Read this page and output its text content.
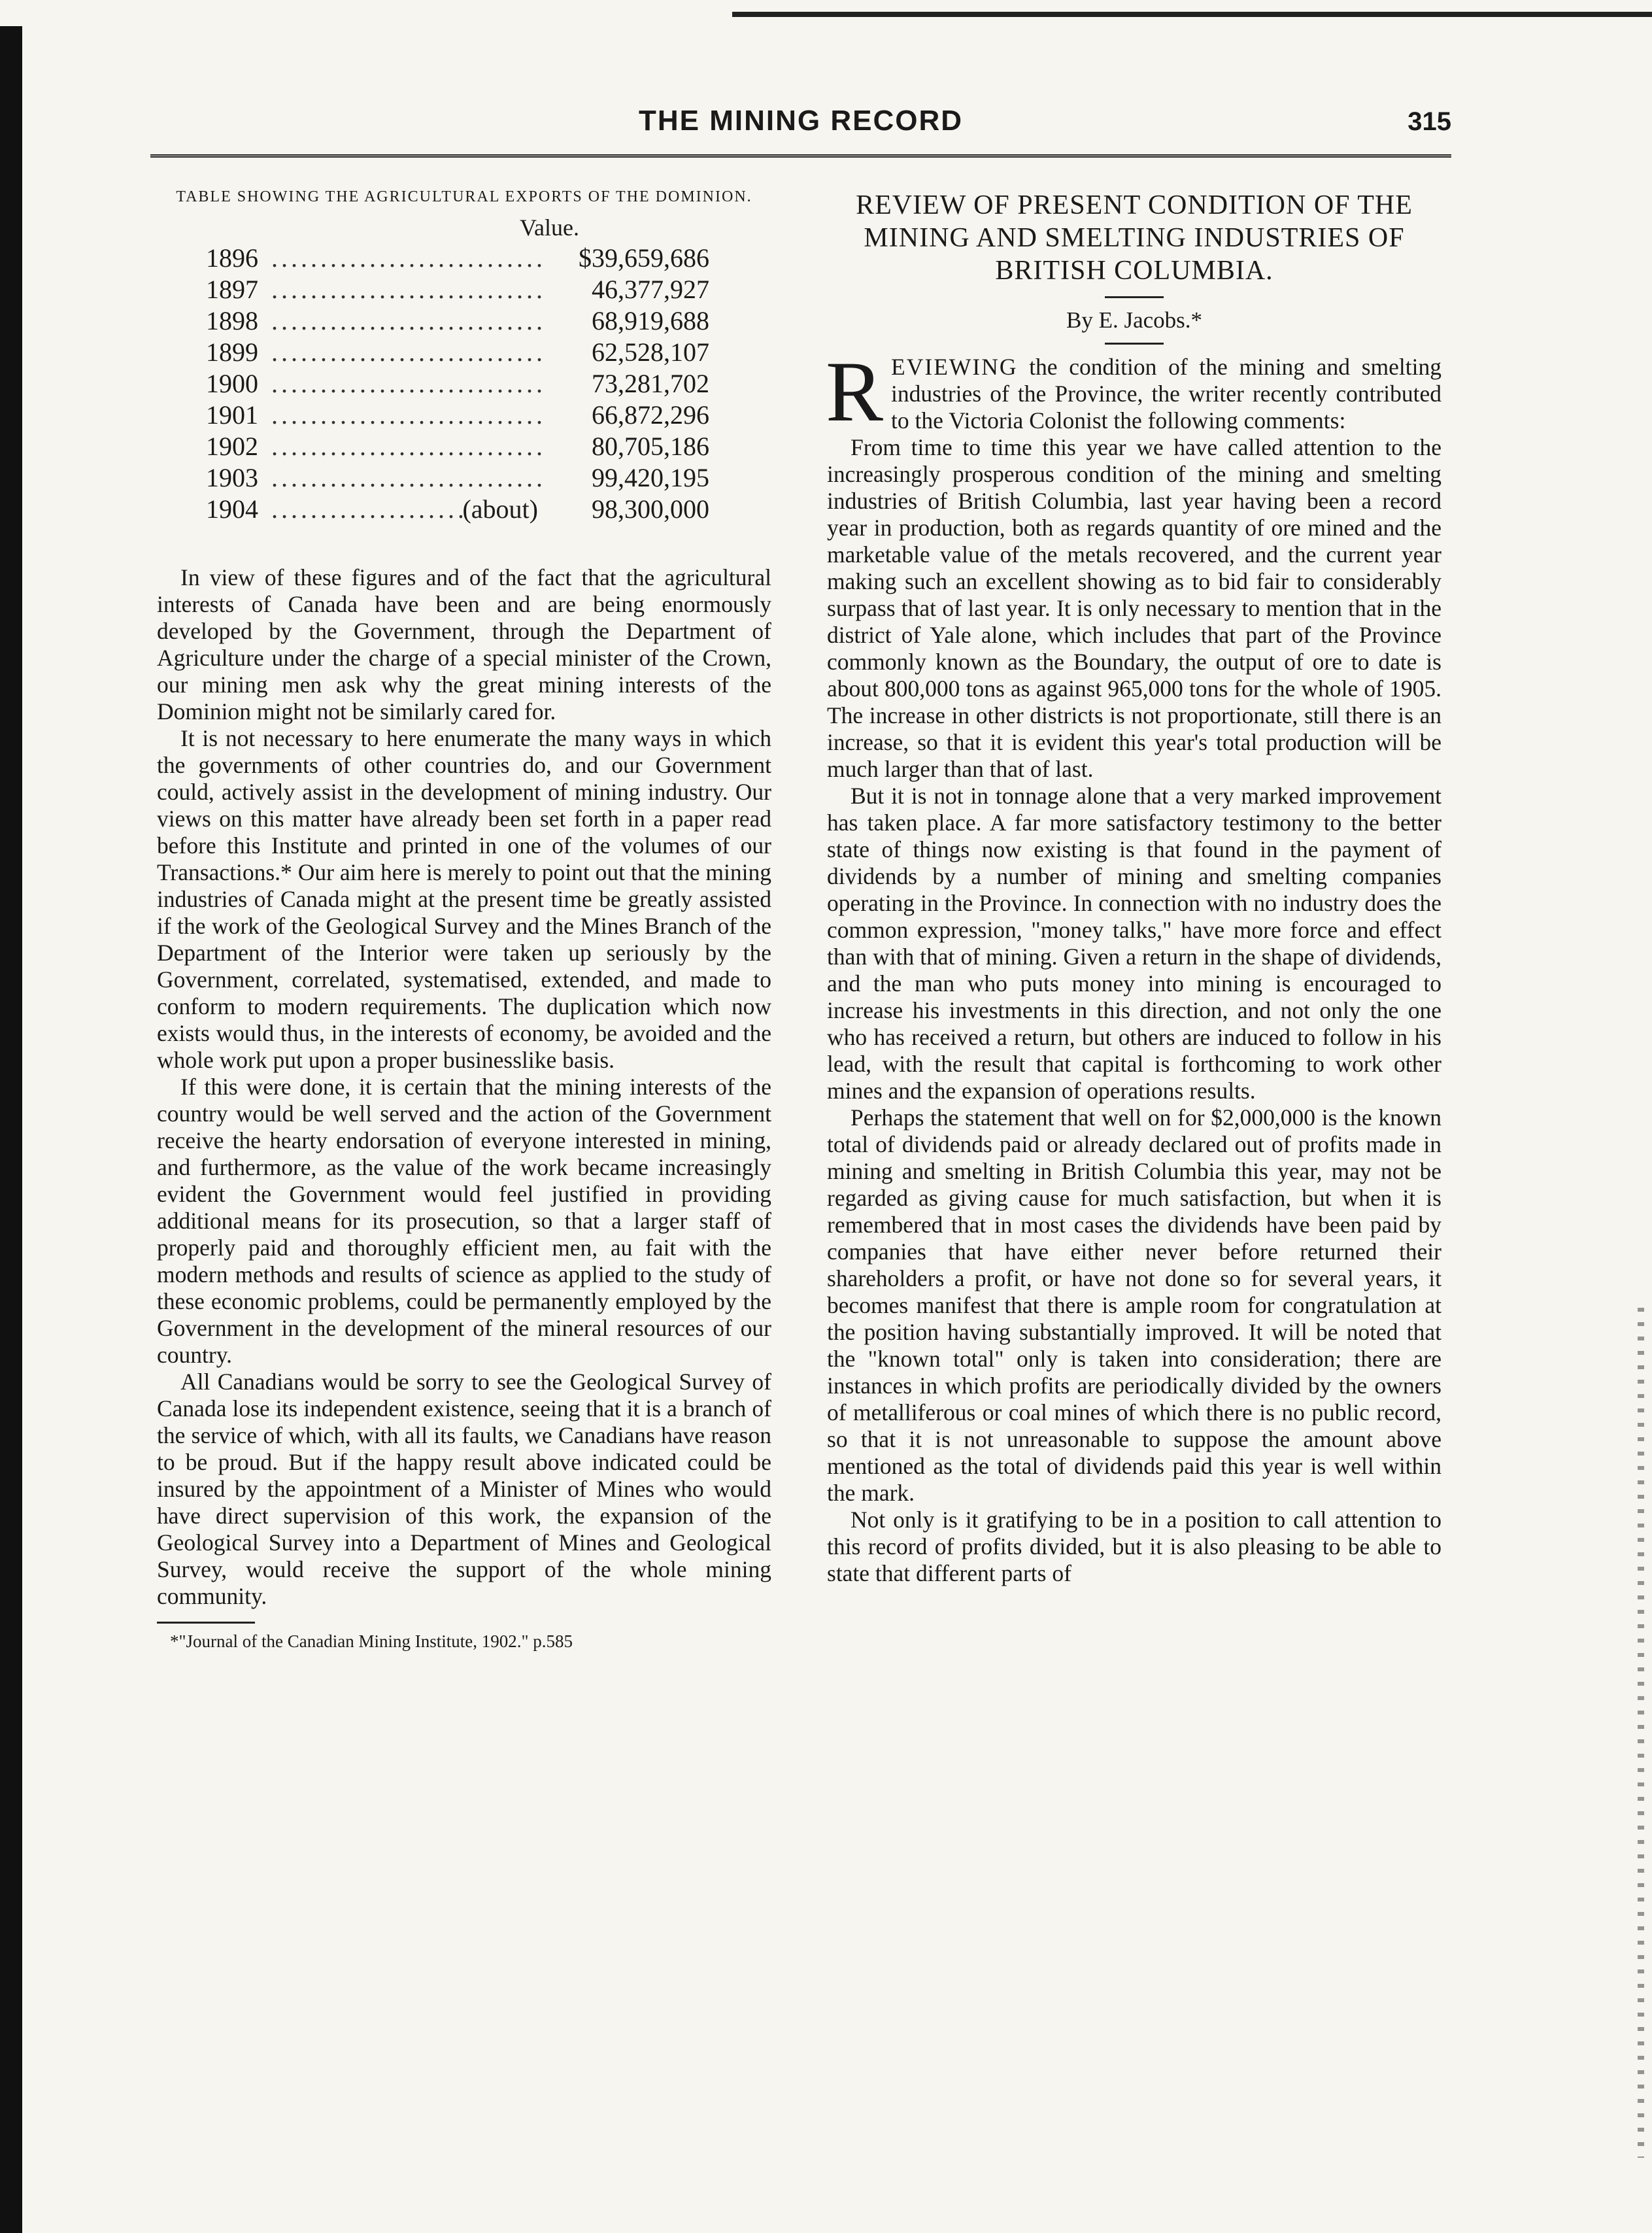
THE MINING RECORD	315
TABLE SHOWING THE AGRICULTURAL EXPORTS OF THE DOMINION.
Value.
1896 .....	$39,659,686
1897 .....	46,377,927
1898 .....	68,919,688
1899 .....	62,528,107
1900 .....	73,281,702
1901 .....	66,872,296
1902 .....	80,705,186
1903 .....	99,420,195
1904 .....	(about)	98,300,000

In view of these figures and of the fact that the agricultural interests of Canada have been and are being enormously developed by the Government, through the Department of Agriculture under the charge of a special minister of the Crown, our mining men ask why the great mining interests of the Dominion might not be similarly cared for.

It is not necessary to here enumerate the many ways in which the governments of other countries do, and our Government could, actively assist in the development of mining industry. Our views on this matter have already been set forth in a paper read before this Institute and printed in one of the volumes of our Transactions.* Our aim here is merely to point out that the mining industries of Canada might at the present time be greatly assisted if the work of the Geological Survey and the Mines Branch of the Department of the Interior were taken up seriously by the Government, correlated, systematised, extended, and made to conform to modern requirements. The duplication which now exists would thus, in the interests of economy, be avoided and the whole work put upon a proper businesslike basis.

If this were done, it is certain that the mining interests of the country would be well served and the action of the Government receive the hearty endorsation of everyone interested in mining, and furthermore, as the value of the work became increasingly evident the Government would feel justified in providing additional means for its prosecution, so that a larger staff of properly paid and thoroughly efficient men, au fait with the modern methods and results of science as applied to the study of these economic problems, could be permanently employed by the Government in the development of the mineral resources of our country.

All Canadians would be sorry to see the Geological Survey of Canada lose its independent existence, seeing that it is a branch of the service of which, with all its faults, we Canadians have reason to be proud. But if the happy result above indicated could be insured by the appointment of a Minister of Mines who would have direct supervision of this work, the expansion of the Geological Survey into a Department of Mines and Geological Survey, would receive the support of the whole mining community.

*"Journal of the Canadian Mining Institute, 1902." p.585

REVIEW OF PRESENT CONDITION OF THE MINING AND SMELTING INDUSTRIES OF BRITISH COLUMBIA.
By E. Jacobs.*

REVIEWING the condition of the mining and smelting industries of the Province, the writer recently contributed to the Victoria Colonist the following comments:

From time to time this year we have called attention to the increasingly prosperous condition of the mining and smelting industries of British Columbia, last year having been a record year in production, both as regards quantity of ore mined and the marketable value of the metals recovered, and the current year making such an excellent showing as to bid fair to considerably surpass that of last year. It is only necessary to mention that in the district of Yale alone, which includes that part of the Province commonly known as the Boundary, the output of ore to date is about 800,000 tons as against 965,000 tons for the whole of 1905. The increase in other districts is not proportionate, still there is an increase, so that it is evident this year's total production will be much larger than that of last.

But it is not in tonnage alone that a very marked improvement has taken place. A far more satisfactory testimony to the better state of things now existing is that found in the payment of dividends by a number of mining and smelting companies operating in the Province. In connection with no industry does the common expression, "money talks," have more force and effect than with that of mining. Given a return in the shape of dividends, and the man who puts money into mining is encouraged to increase his investments in this direction, and not only the one who has received a return, but others are induced to follow in his lead, with the result that capital is forthcoming to work other mines and the expansion of operations results.

Perhaps the statement that well on for $2,000,000 is the known total of dividends paid or already declared out of profits made in mining and smelting in British Columbia this year, may not be regarded as giving cause for much satisfaction, but when it is remembered that in most cases the dividends have been paid by companies that have either never before returned their shareholders a profit, or have not done so for several years, it becomes manifest that there is ample room for congratulation at the position having substantially improved. It will be noted that the "known total" only is taken into consideration; there are instances in which profits are periodically divided by the owners of metalliferous or coal mines of which there is no public record, so that it is not unreasonable to suppose the amount above mentioned as the total of dividends paid this year is well within the mark.

Not only is it gratifying to be in a position to call attention to this record of profits divided, but it is also pleasing to be able to state that different parts of
